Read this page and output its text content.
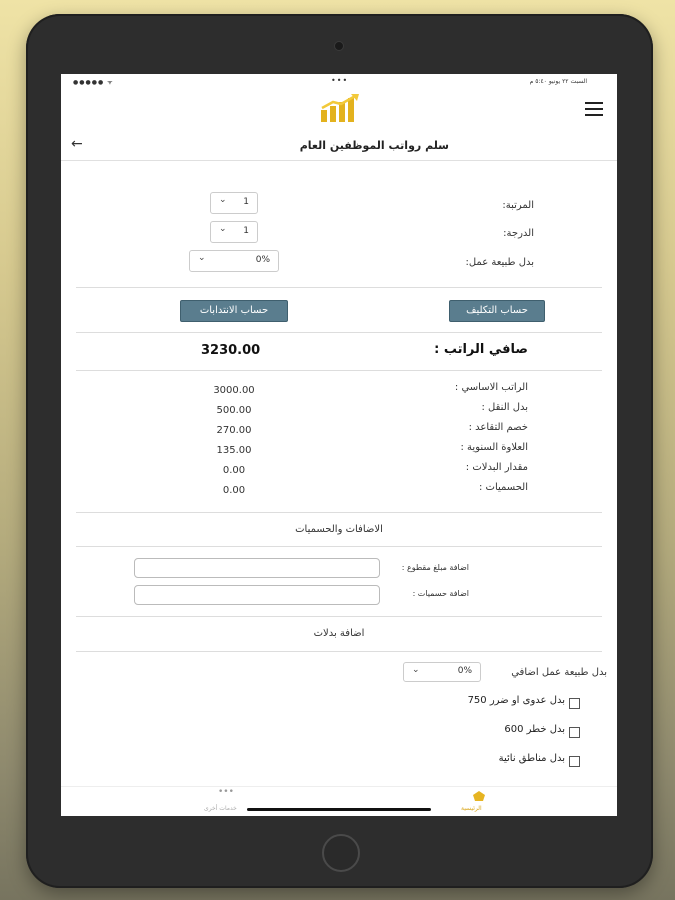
●●●●● ᯤ	•••	السبت ٢٢ يونيو ٥:٤٠ م
←	سلم رواتب الموظفين العام
المرتبة:
⌄ 1
الدرجة:
⌄ 1
بدل طبيعة عمل:
⌄	0%
حساب التكليف
حساب الانتدابات
صافي الراتب :
3230.00
الراتب الاساسي :
3000.00
بدل النقل :
500.00
خصم التقاعد :
270.00
العلاوة السنوية :
135.00
مقدار البدلات :
0.00
الحسميات :
0.00
الاضافات والحسميات
اضافة مبلغ مقطوع :
اضافة حسميات :
اضافة بدلات
بدل طبيعة عمل اضافي
⌄	0%
بدل عدوى او ضرر 750
بدل خطر 600
بدل مناطق نائية
الرئيسية
•••
خدمات أخرى
